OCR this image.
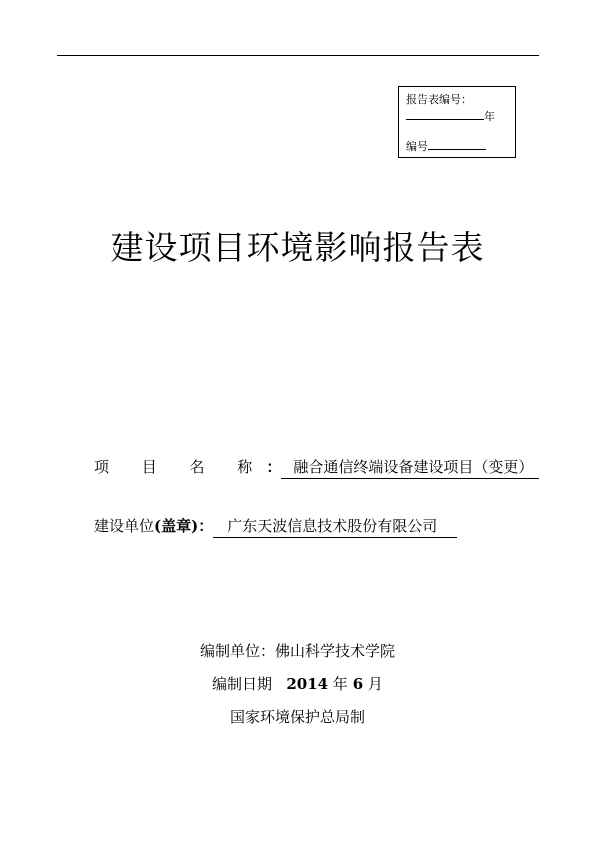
报告表编号：
年
编号
建设项目环境影响报告表
项 目 名 称： 融合通信终端设备建设项目（变更）
建设单位(盖章)： 广东天波信息技术股份有限公司
编制单位：佛山科学技术学院
编制日期 2014 年 6 月
国家环境保护总局制
